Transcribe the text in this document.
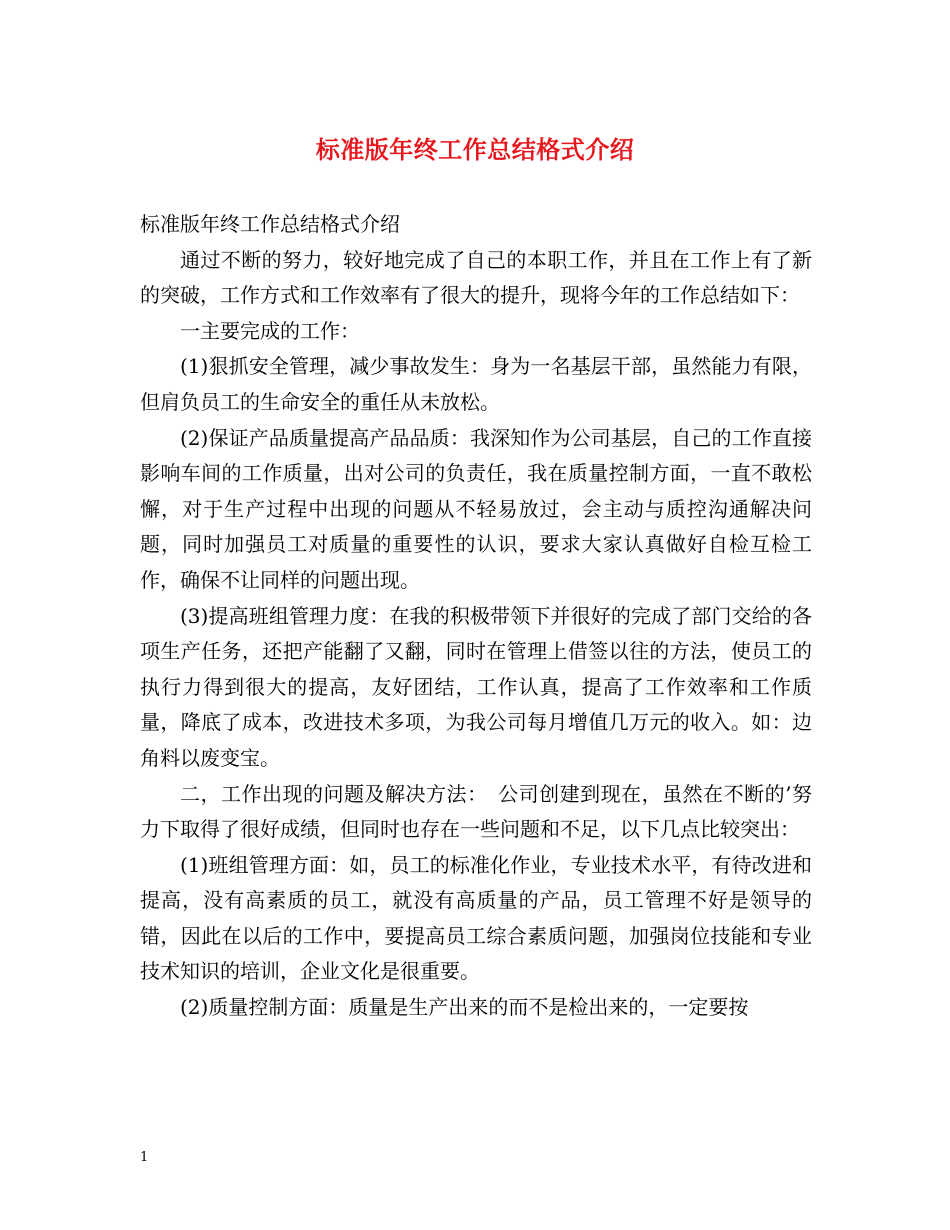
标准版年终工作总结格式介绍

标准版年终工作总结格式介绍

通过不断的努力，较好地完成了自己的本职工作，并且在工作上有了新的突破，工作方式和工作效率有了很大的提升，现将今年的工作总结如下：

一主要完成的工作：

(1)狠抓安全管理，减少事故发生：身为一名基层干部，虽然能力有限，但肩负员工的生命安全的重任从未放松。

(2)保证产品质量提高产品品质：我深知作为公司基层，自己的工作直接影响车间的工作质量，出对公司的负责任，我在质量控制方面，一直不敢松懈，对于生产过程中出现的问题从不轻易放过，会主动与质控沟通解决问题，同时加强员工对质量的重要性的认识，要求大家认真做好自检互检工作，确保不让同样的问题出现。

(3)提高班组管理力度：在我的积极带领下并很好的完成了部门交给的各项生产任务，还把产能翻了又翻，同时在管理上借签以往的方法，使员工的执行力得到很大的提高，友好团结，工作认真，提高了工作效率和工作质量，降底了成本，改进技术多项，为我公司每月增值几万元的收入。如：边角料以废变宝。

二，工作出现的问题及解决方法：　公司创建到现在，虽然在不断的’努力下取得了很好成绩，但同时也存在一些问题和不足，以下几点比较突出：

(1)班组管理方面：如，员工的标准化作业，专业技术水平，有待改进和提高，没有高素质的员工，就没有高质量的产品，员工管理不好是领导的错，因此在以后的工作中，要提高员工综合素质问题，加强岗位技能和专业技术知识的培训，企业文化是很重要。

(2)质量控制方面：质量是生产出来的而不是检出来的，一定要按

1
